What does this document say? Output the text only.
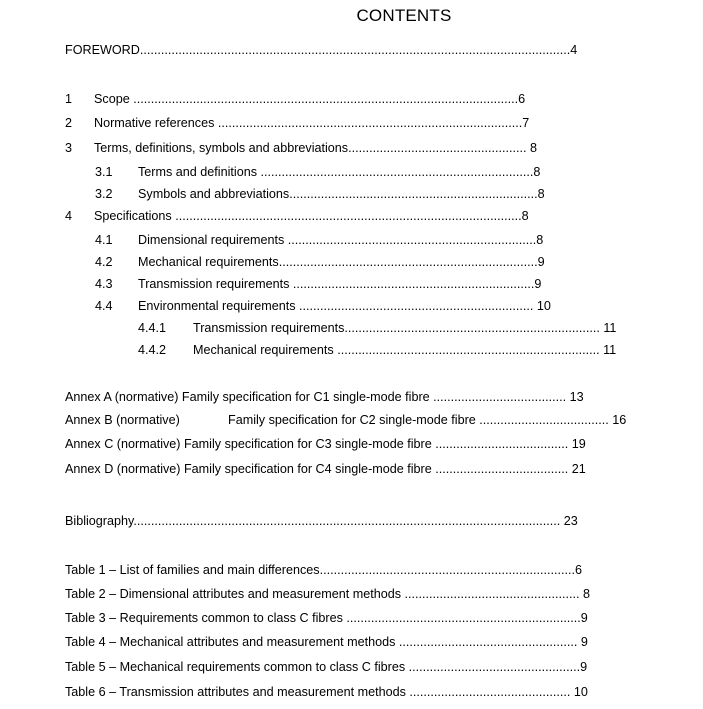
CONTENTS
FOREWORD...........................................................................................................................4
1 Scope ..............................................................................................................6
2 Normative references .......................................................................................7
3 Terms, definitions, symbols and abbreviations................................................... 8
3.1 Terms and definitions ..............................................................................8
3.2 Symbols and abbreviations.......................................................................8
4 Specifications ...................................................................................................8
4.1 Dimensional requirements .......................................................................8
4.2 Mechanical requirements..........................................................................9
4.3 Transmission requirements .....................................................................9
4.4 Environmental requirements ................................................................... 10
4.4.1 Transmission requirements......................................................................... 11
4.4.2 Mechanical requirements ........................................................................... 11
Annex A (normative) Family specification for C1 single-mode fibre ...................................... 13
Annex B (normative)	Family specification for C2 single-mode fibre ..................................... 16
Annex C (normative) Family specification for C3 single-mode fibre ...................................... 19
Annex D (normative) Family specification for C4 single-mode fibre ...................................... 21
Bibliography.......................................................................................................................... 23
Table 1 – List of families and main differences.........................................................................6
Table 2 – Dimensional attributes and measurement methods .................................................. 8
Table 3 – Requirements common to class C fibres ...................................................................9
Table 4 – Mechanical attributes and measurement methods ................................................... 9
Table 5 – Mechanical requirements common to class C fibres .................................................9
Table 6 – Transmission attributes and measurement methods .............................................. 10
